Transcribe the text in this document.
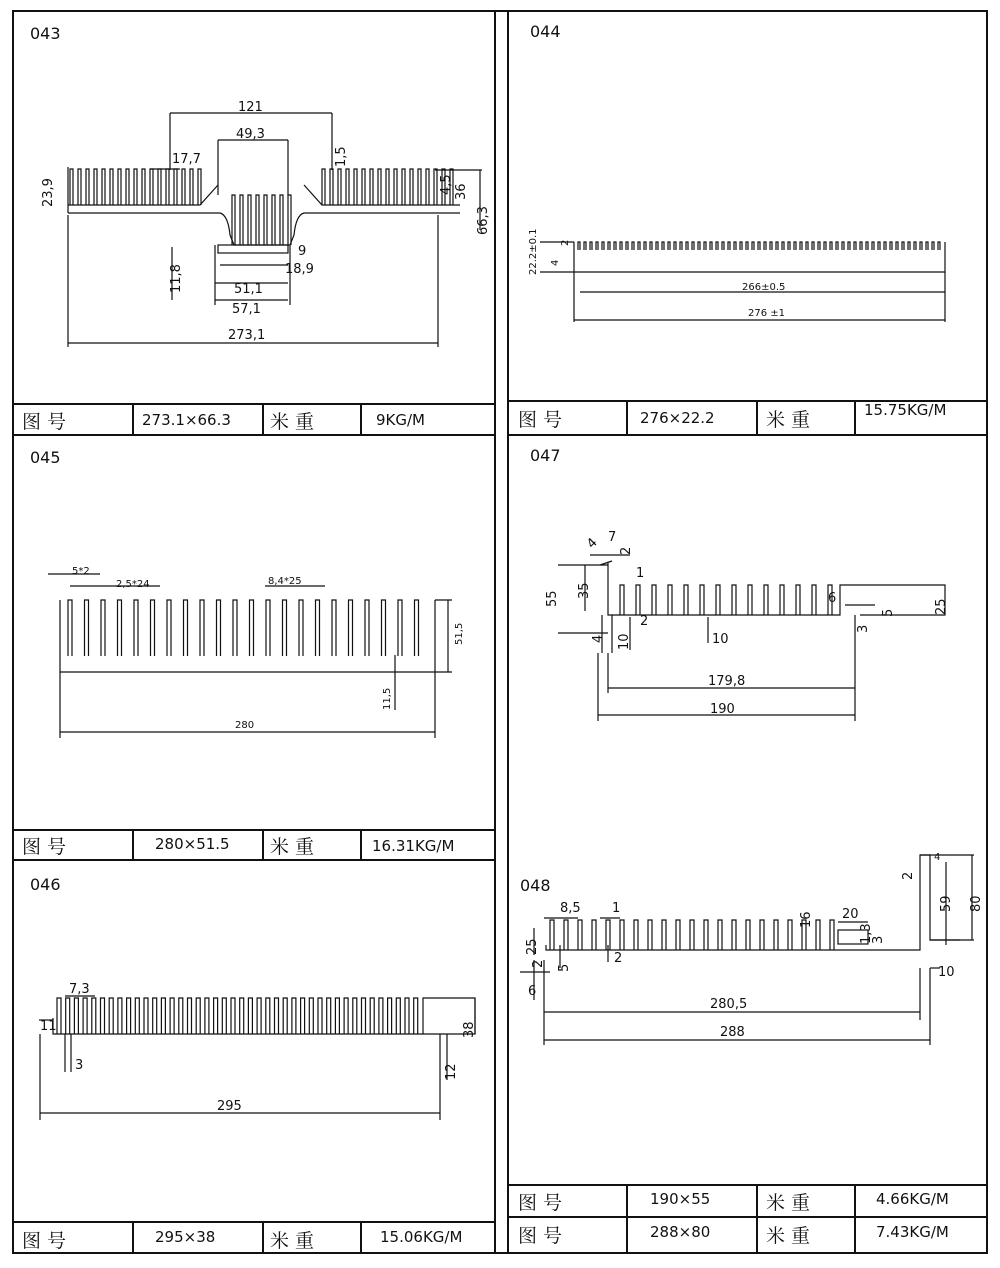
043
121
49,3
17,7	1,5
23,9	4,5 36
66,3
9
18,9
11,8	51,1
57,1
273,1
图 号	273.1×66.3 米 重	9KG/M
044
22.2±0.1 4
2
266±0.5
276 ±1
图 号	276×22.2	米 重	15.75KG/M
045
5*2
2,5*24	8,4*25
51,5
11,5
280
图 号	280×51.5 米 重	16.31KG/M
046
7,3
11
3
38
12
295
图 号	295×38	米 重	15.06KG/M
047
4 7
2
55 35
1
6	25
4 10
2
10
3
5
179,8
190
048
8,5 1
16 20
25
2 5
2
3
1,3
6
280,5
288
2
4
59 80
10
图 号	190×55	米 重	4.66KG/M
图 号	288×80	米 重	7.43KG/M
